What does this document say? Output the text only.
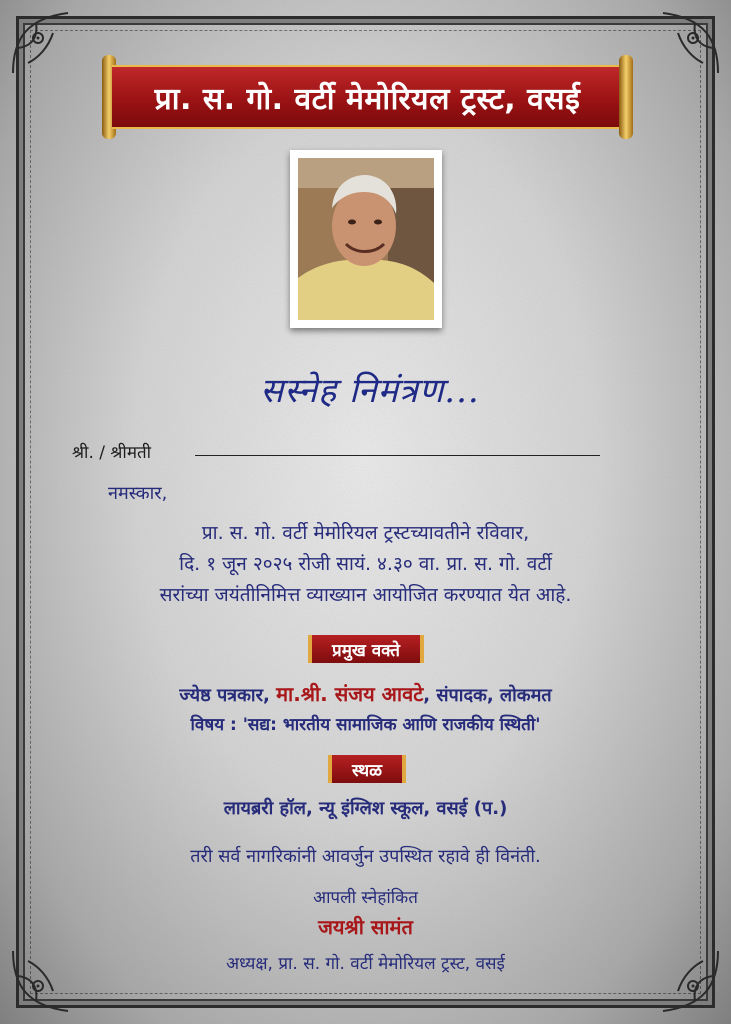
प्रा. स. गो. वर्टी मेमोरियल ट्रस्ट, वसई
सस्नेह निमंत्रण...
श्री. / श्रीमती
नमस्कार,
प्रा. स. गो. वर्टी मेमोरियल ट्रस्टच्यावतीने रविवार,
दि. १ जून २०२५ रोजी सायं. ४.३० वा. प्रा. स. गो. वर्टी
सरांच्या जयंतीनिमित्त व्याख्यान आयोजित करण्यात येत आहे.
प्रमुख वक्ते
ज्येष्ठ पत्रकार, मा.श्री. संजय आवटे, संपादक, लोकमत
विषय : 'सद्य: भारतीय सामाजिक आणि राजकीय स्थिती'
स्थळ
लायब्ररी हॉल, न्यू इंग्लिश स्कूल, वसई (प.)
तरी सर्व नागरिकांनी आवर्जुन उपस्थित रहावे ही विनंती.
आपली स्नेहांकित
जयश्री सामंत
अध्यक्ष, प्रा. स. गो. वर्टी मेमोरियल ट्रस्ट, वसई
